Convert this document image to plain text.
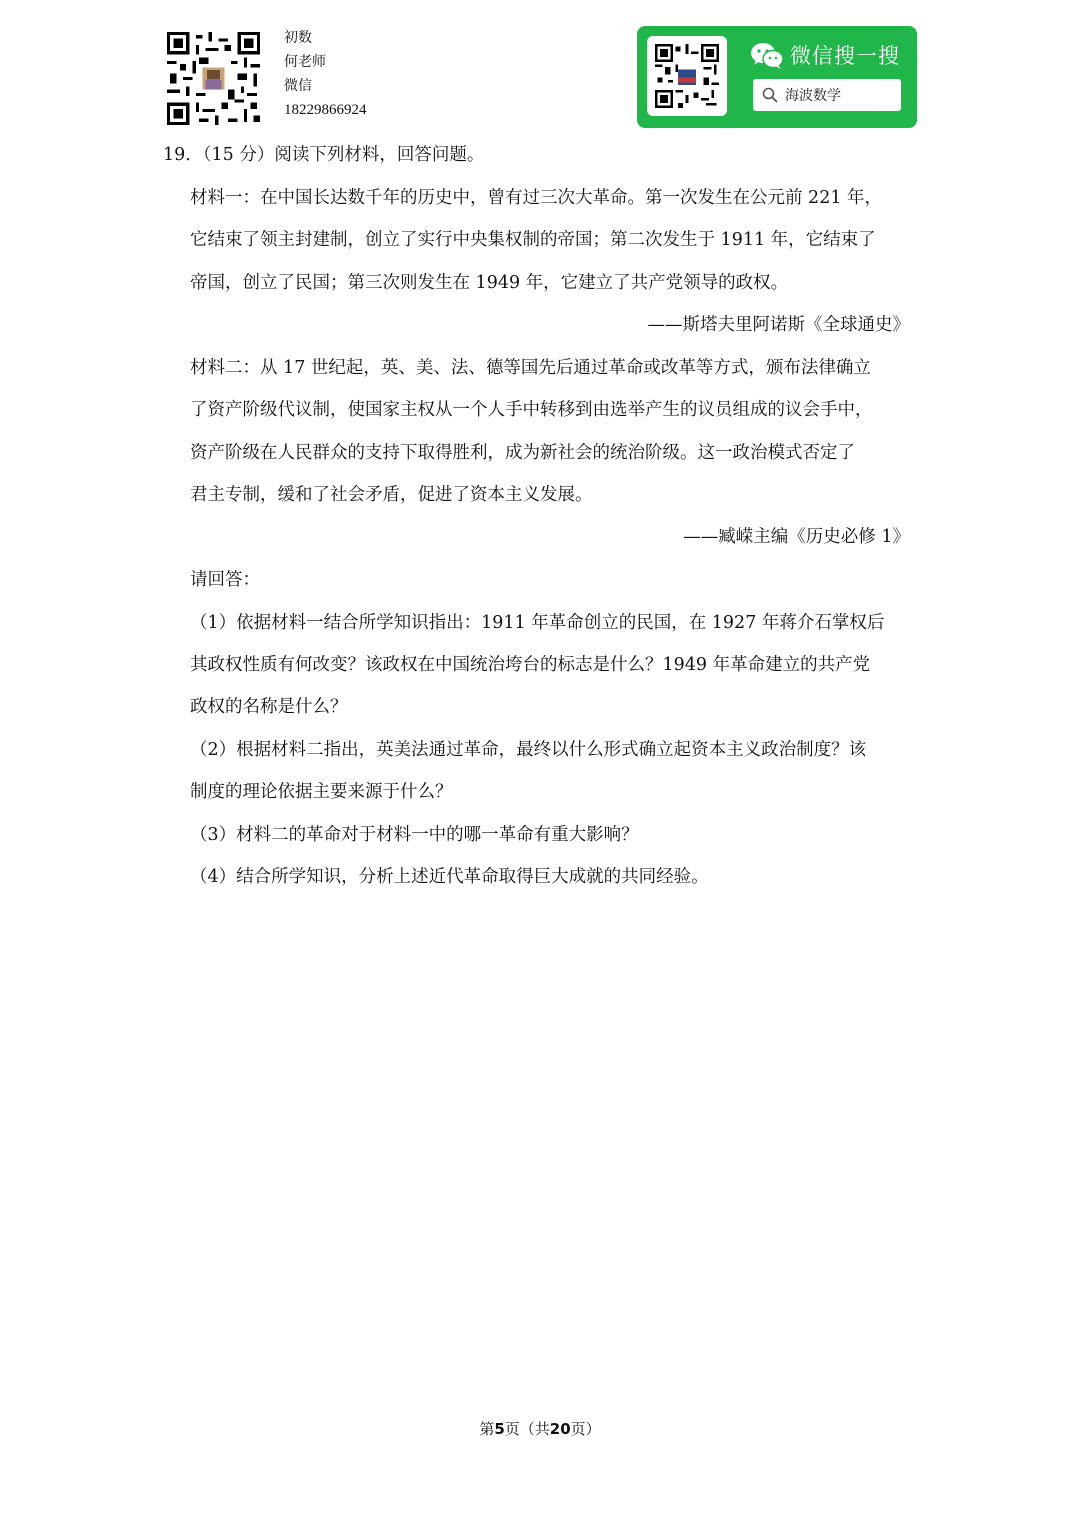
初数
何老师
微信
18229866924
微信搜一搜
海波数学
19．（15 分）阅读下列材料，回答问题。
材料一：在中国长达数千年的历史中，曾有过三次大革命。第一次发生在公元前 221 年，
它结束了领主封建制，创立了实行中央集权制的帝国；第二次发生于 1911 年，它结束了
帝国，创立了民国；第三次则发生在 1949 年，它建立了共产党领导的政权。
——斯塔夫里阿诺斯《全球通史》
材料二：从 17 世纪起，英、美、法、德等国先后通过革命或改革等方式，颁布法律确立
了资产阶级代议制，使国家主权从一个人手中转移到由选举产生的议员组成的议会手中，
资产阶级在人民群众的支持下取得胜利，成为新社会的统治阶级。这一政治模式否定了
君主专制，缓和了社会矛盾，促进了资本主义发展。
——臧嵘主编《历史必修 1》
请回答：
（1）依据材料一结合所学知识指出：1911 年革命创立的民国，在 1927 年蒋介石掌权后
其政权性质有何改变？该政权在中国统治垮台的标志是什么？1949 年革命建立的共产党
政权的名称是什么？
（2）根据材料二指出，英美法通过革命，最终以什么形式确立起资本主义政治制度？该
制度的理论依据主要来源于什么？
（3）材料二的革命对于材料一中的哪一革命有重大影响？
（4）结合所学知识，分析上述近代革命取得巨大成就的共同经验。
第5页（共20页）
